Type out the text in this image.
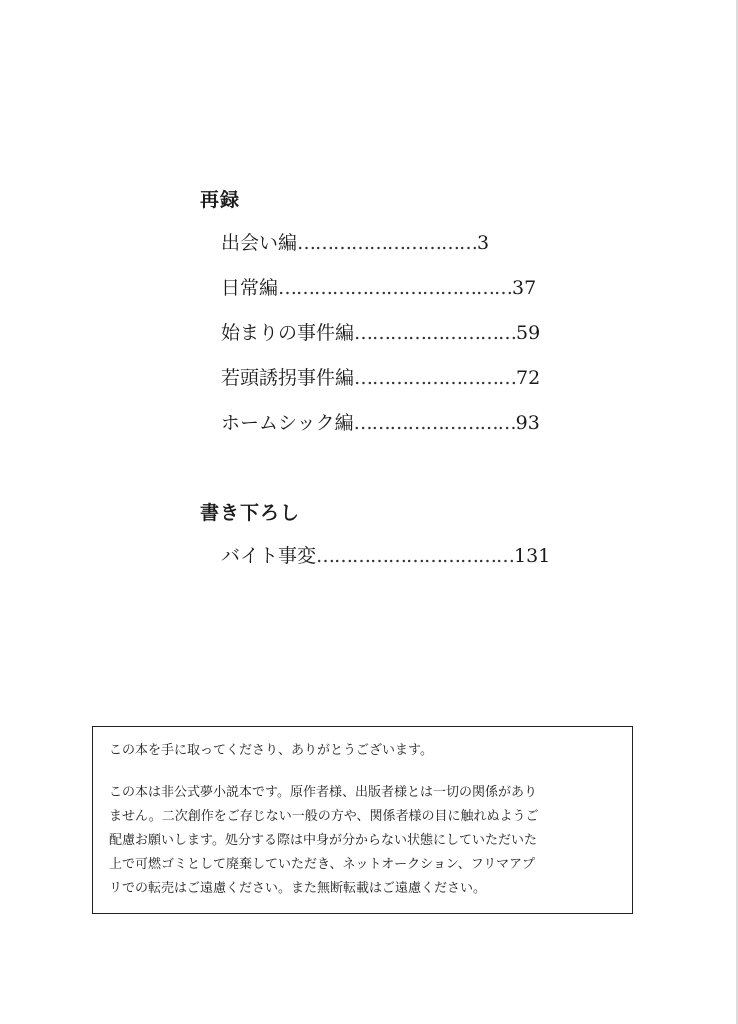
再録
出会い編…………………………3
日常編…………………………………37
始まりの事件編………………………59
若頭誘拐事件編………………………72
ホームシック編………………………93
書き下ろし
バイト事変……………………………131

この本を手に取ってくださり、ありがとうございます。

この本は非公式夢小説本です。原作者様、出版者様とは一切の関係があり

ません。二次創作をご存じない一般の方や、関係者様の目に触れぬようご

配慮お願いします。処分する際は中身が分からない状態にしていただいた

上で可燃ゴミとして廃棄していただき、ネットオークション、フリマアプ

リでの転売はご遠慮ください。また無断転載はご遠慮ください。
